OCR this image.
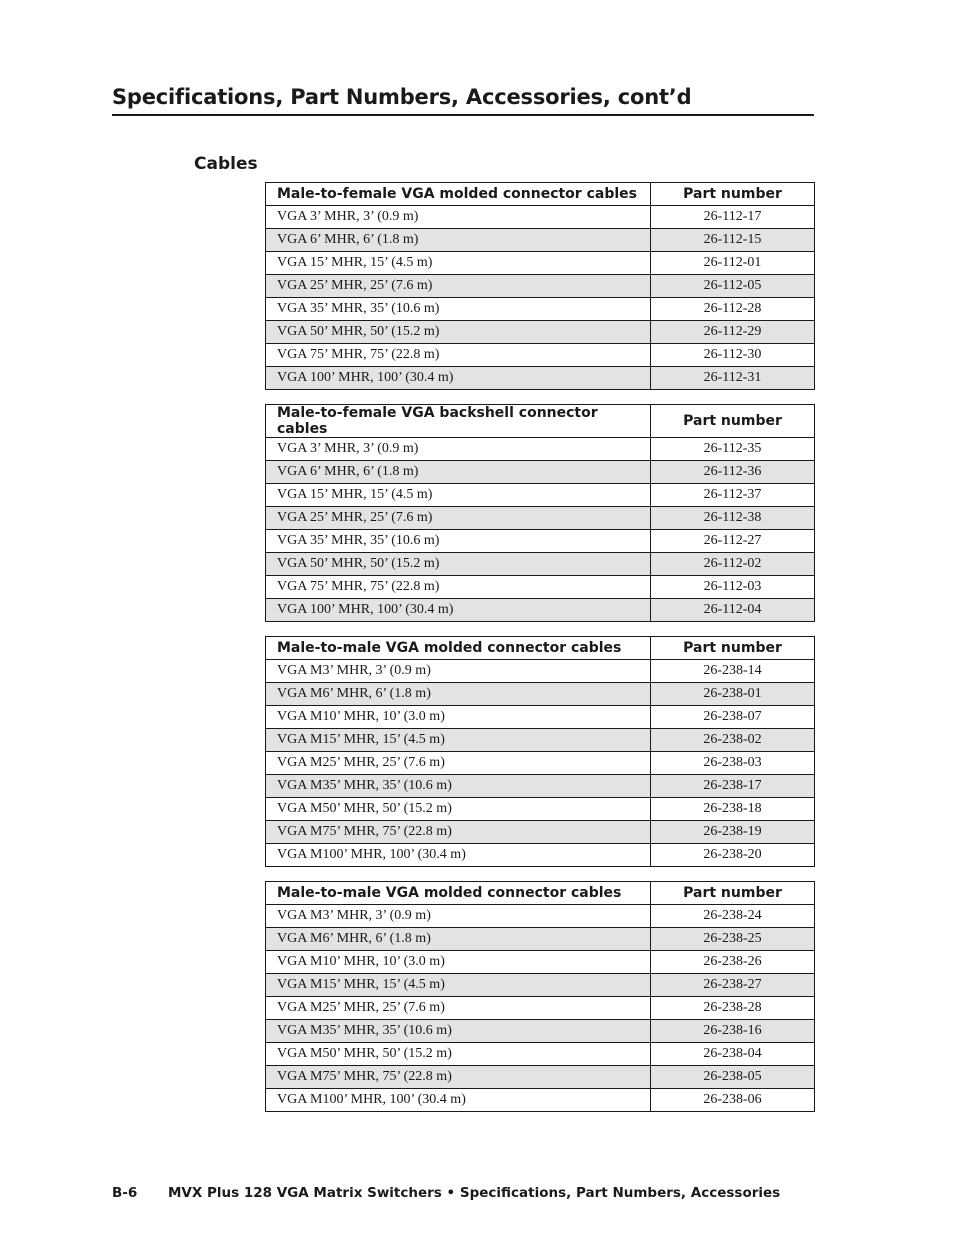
Specifications, Part Numbers, Accessories, cont’d
Cables
Male-to-female VGA molded connector cables	Part number
VGA 3’ MHR, 3’ (0.9 m)	26-112-17
VGA 6’ MHR, 6’ (1.8 m)	26-112-15
VGA 15’ MHR, 15’ (4.5 m)	26-112-01
VGA 25’ MHR, 25’ (7.6 m)	26-112-05
VGA 35’ MHR, 35’ (10.6 m)	26-112-28
VGA 50’ MHR, 50’ (15.2 m)	26-112-29
VGA 75’ MHR, 75’ (22.8 m)	26-112-30
VGA 100’ MHR, 100’ (30.4 m)	26-112-31
Male-to-female VGA backshell connector cables	Part number
VGA 3’ MHR, 3’ (0.9 m)	26-112-35
VGA 6’ MHR, 6’ (1.8 m)	26-112-36
VGA 15’ MHR, 15’ (4.5 m)	26-112-37
VGA 25’ MHR, 25’ (7.6 m)	26-112-38
VGA 35’ MHR, 35’ (10.6 m)	26-112-27
VGA 50’ MHR, 50’ (15.2 m)	26-112-02
VGA 75’ MHR, 75’ (22.8 m)	26-112-03
VGA 100’ MHR, 100’ (30.4 m)	26-112-04
Male-to-male VGA molded connector cables	Part number
VGA M3’ MHR, 3’ (0.9 m)	26-238-14
VGA M6’ MHR, 6’ (1.8 m)	26-238-01
VGA M10’ MHR, 10’ (3.0 m)	26-238-07
VGA M15’ MHR, 15’ (4.5 m)	26-238-02
VGA M25’ MHR, 25’ (7.6 m)	26-238-03
VGA M35’ MHR, 35’ (10.6 m)	26-238-17
VGA M50’ MHR, 50’ (15.2 m)	26-238-18
VGA M75’ MHR, 75’ (22.8 m)	26-238-19
VGA M100’ MHR, 100’ (30.4 m)	26-238-20
Male-to-male VGA molded connector cables	Part number
VGA M3’ MHR, 3’ (0.9 m)	26-238-24
VGA M6’ MHR, 6’ (1.8 m)	26-238-25
VGA M10’ MHR, 10’ (3.0 m)	26-238-26
VGA M15’ MHR, 15’ (4.5 m)	26-238-27
VGA M25’ MHR, 25’ (7.6 m)	26-238-28
VGA M35’ MHR, 35’ (10.6 m)	26-238-16
VGA M50’ MHR, 50’ (15.2 m)	26-238-04
VGA M75’ MHR, 75’ (22.8 m)	26-238-05
VGA M100’ MHR, 100’ (30.4 m)	26-238-06
B-6 MVX Plus 128 VGA Matrix Switchers • Specifications, Part Numbers, Accessories
